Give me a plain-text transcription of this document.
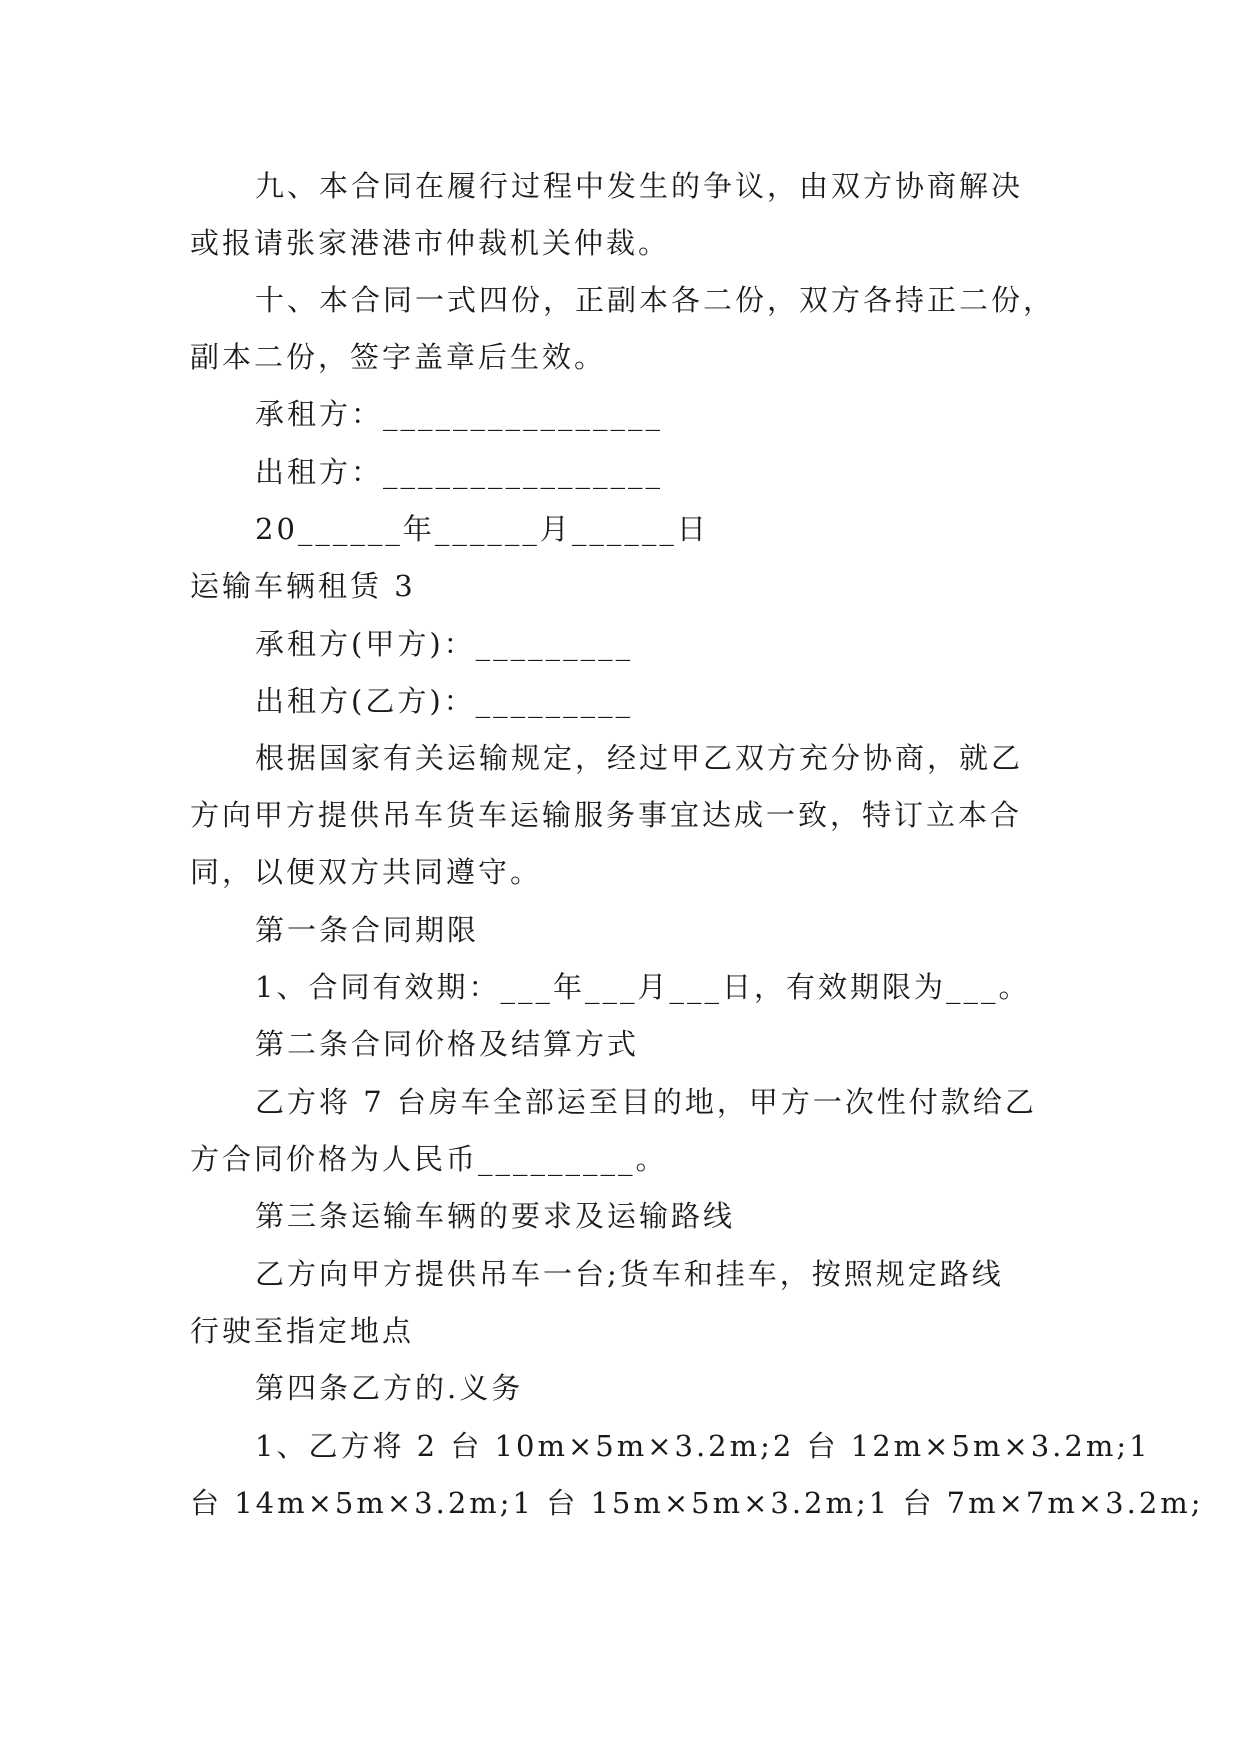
九、本合同在履行过程中发生的争议，由双方协商解决

或报请张家港港市仲裁机关仲裁。

十、本合同一式四份，正副本各二份，双方各持正二份，

副本二份，签字盖章后生效。

承租方：________________

出租方：________________

20______年______月______日

运输车辆租赁 3

承租方(甲方)：_________

出租方(乙方)：_________

根据国家有关运输规定，经过甲乙双方充分协商，就乙

方向甲方提供吊车货车运输服务事宜达成一致，特订立本合

同，以便双方共同遵守。

第一条合同期限

1、合同有效期：___年___月___日，有效期限为___。

第二条合同价格及结算方式

乙方将 7 台房车全部运至目的地，甲方一次性付款给乙

方合同价格为人民币_________。

第三条运输车辆的要求及运输路线

乙方向甲方提供吊车一台;货车和挂车，按照规定路线

行驶至指定地点

第四条乙方的.义务

1、乙方将 2 台 10m×5m×3.2m;2 台 12m×5m×3.2m;1

台 14m×5m×3.2m;1 台 15m×5m×3.2m;1 台 7m×7m×3.2m;
